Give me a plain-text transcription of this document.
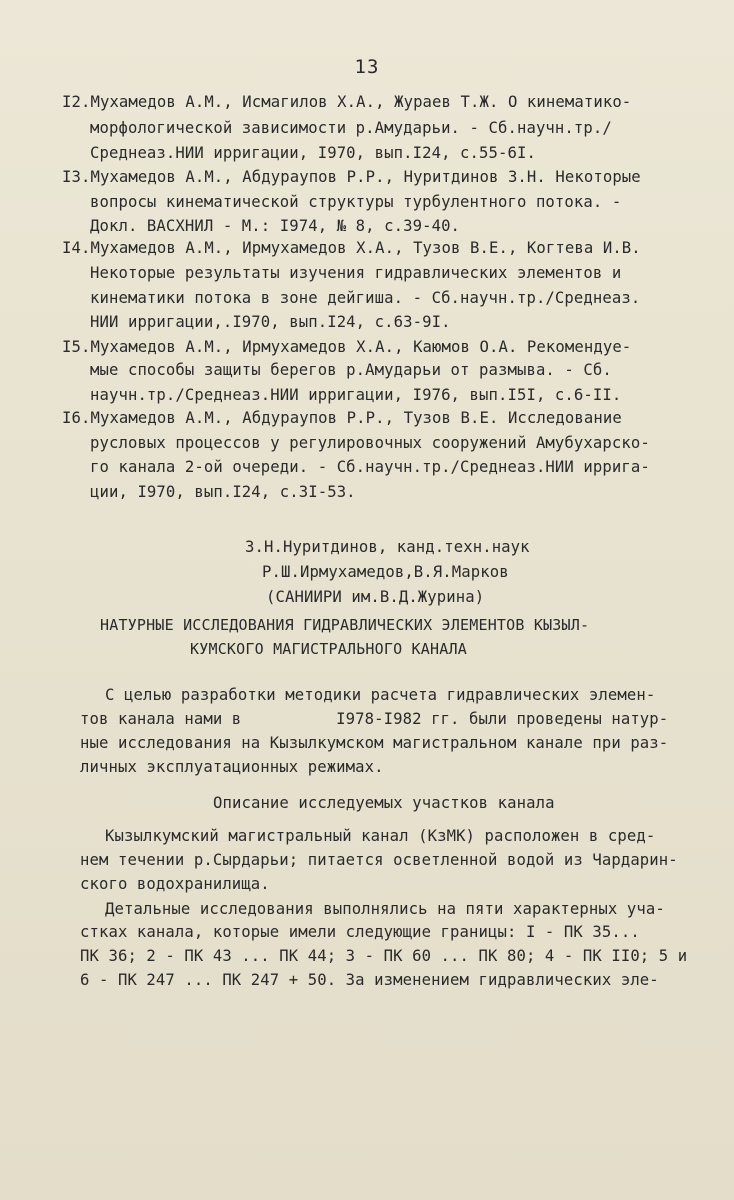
13
I2.Мухамедов А.М., Исмагилов Х.А., Жураев Т.Ж. О кинематико-
морфологической зависимости р.Амударьи. - Сб.научн.тр./
Среднеаз.НИИ ирригации, I970, вып.I24, с.55-6I.
I3.Мухамедов А.М., Абдураупов Р.Р., Нуритдинов З.Н. Некоторые
вопросы кинематической структуры турбулентного потока. -
Докл. ВАСХНИЛ - М.: I974, № 8, с.39-40.
I4.Мухамедов А.М., Ирмухамедов Х.А., Тузов В.Е., Когтева И.В.
Некоторые результаты изучения гидравлических элементов и
кинематики потока в зоне дейгиша. - Сб.научн.тр./Среднеаз.
НИИ ирригации,.I970, вып.I24, с.63-9I.
I5.Мухамедов А.М., Ирмухамедов Х.А., Каюмов О.А. Рекомендуе-
мые способы защиты берегов р.Амударьи от размыва. - Сб.
научн.тр./Среднеаз.НИИ ирригации, I976, вып.I5I, с.6-II.
I6.Мухамедов А.М., Абдураупов Р.Р., Тузов В.Е. Исследование
русловых процессов у регулировочных сооружений Амубухарско-
го канала 2-ой очереди. - Сб.научн.тр./Среднеаз.НИИ ирригa-
ции, I970, вып.I24, с.3I-53.
З.Н.Нуритдинов, канд.техн.наук
Р.Ш.Ирмухамедов,В.Я.Марков
(САНИИРИ им.В.Д.Журина)
НАТУРНЫЕ ИССЛЕДОВАНИЯ ГИДРАВЛИЧЕСКИХ ЭЛЕМЕНТОВ КЫЗЫЛ-
КУМСКОГО МАГИСТРАЛЬНОГО КАНАЛА
С целью разработки методики расчета гидравлических элемен-
тов канала нами в          I978-I982 гг. были проведены натур-
ные исследования на Кызылкумском магистральном канале при раз-
личных эксплуатационных режимах.
Описание исследуемых участков канала
Кызылкумский магистральный канал (КзМК) расположен в сред-
нем течении р.Сырдарьи; питается осветленной водой из Чардарин-
ского водохранилища.
Детальные исследования выполнялись на пяти характерных уча-
стках канала, которые имели следующие границы: I - ПК 35...
ПК 36; 2 - ПК 43 ... ПК 44; 3 - ПК 60 ... ПК 80; 4 - ПК II0; 5 и
6 - ПК 247 ... ПК 247 + 50. За изменением гидравлических эле-
